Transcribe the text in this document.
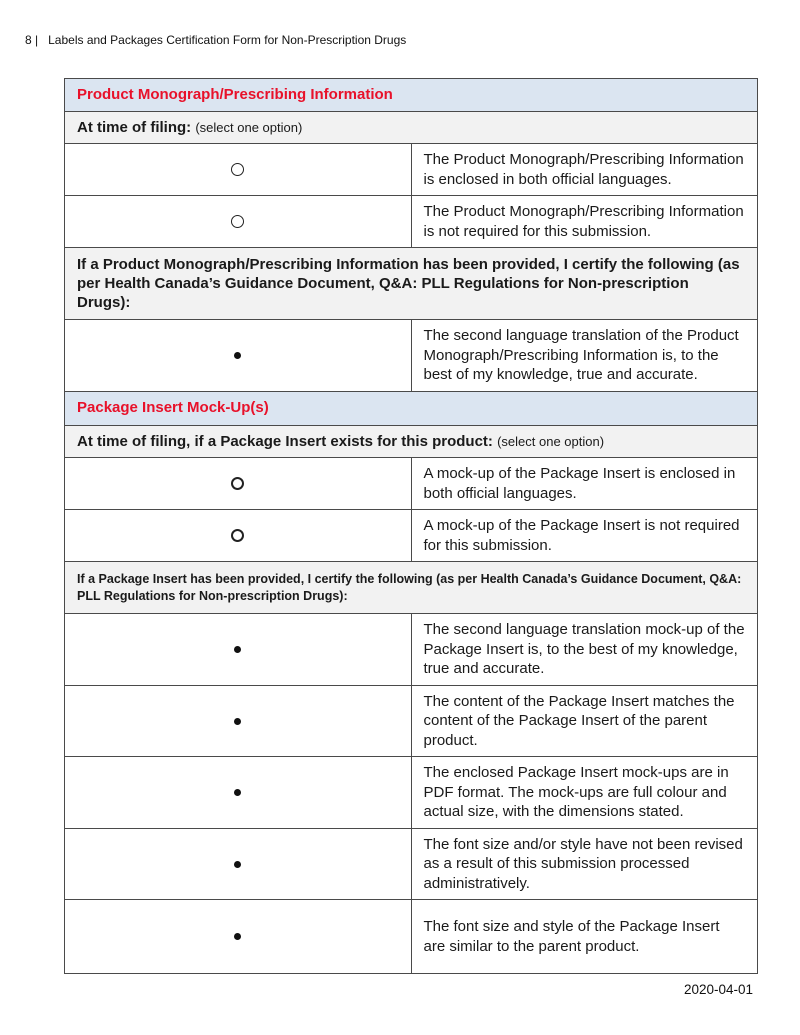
8 | Labels and Packages Certification Form for Non-Prescription Drugs
Product Monograph/Prescribing Information	
At time of filing: (select one option)	
	The Product Monograph/Prescribing Information is enclosed in both official languages.
	The Product Monograph/Prescribing Information is not required for this submission.
If a Product Monograph/Prescribing Information has been provided, I certify the following (as per Health Canada’s Guidance Document, Q&A: PLL Regulations for Non-prescription Drugs):	
	The second language translation of the Product Monograph/Prescribing Information is, to the best of my knowledge, true and accurate.
Package Insert Mock-Up(s)	
At time of filing, if a Package Insert exists for this product: (select one option)	
	A mock-up of the Package Insert is enclosed in both official languages.
	A mock-up of the Package Insert is not required for this submission.
If a Package Insert has been provided, I certify the following (as per Health Canada’s Guidance Document, Q&A: PLL Regulations for Non-prescription Drugs):	
	The second language translation mock-up of the Package Insert is, to the best of my knowledge, true and accurate.
	The content of the Package Insert matches the content of the Package Insert of the parent product.
	The enclosed Package Insert mock-ups are in PDF format. The mock-ups are full colour and actual size, with the dimensions stated.
	The font size and/or style have not been revised as a result of this submission processed administratively.
	The font size and style of the Package Insert are similar to the parent product.
2020-04-01
